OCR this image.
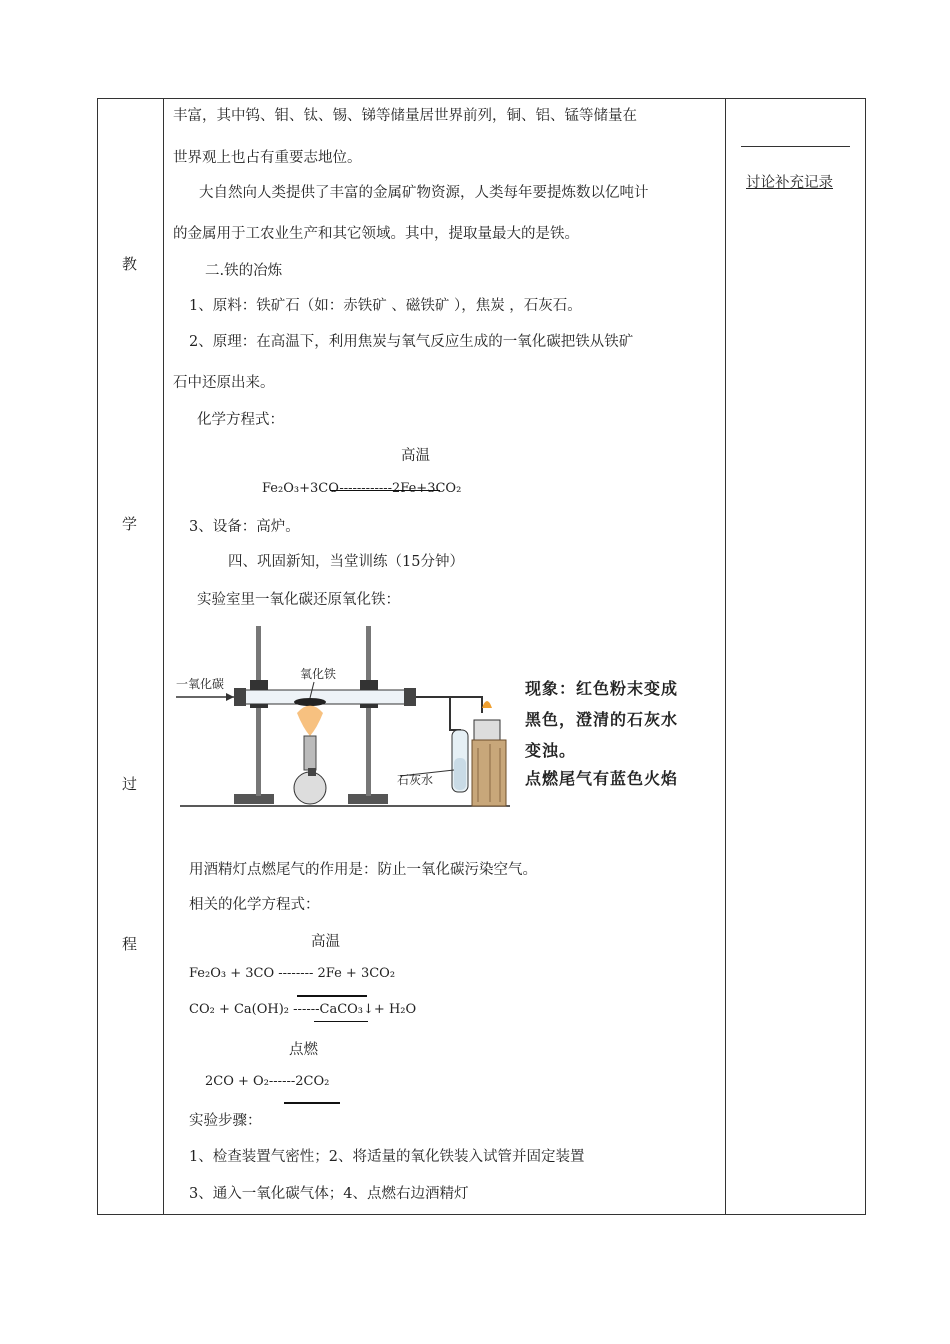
教
学
过
程
讨论补充记录
丰富，其中钨、钼、钛、锡、锑等储量居世界前列，铜、铝、锰等储量在
世界观上也占有重要志地位。
大自然向人类提供了丰富的金属矿物资源，人类每年要提炼数以亿吨计
的金属用于工农业生产和其它领域。其中，提取量最大的是铁。
二.铁的冶炼
1、原料：铁矿石（如：赤铁矿 、磁铁矿 ），焦炭 ，石灰石。
2、原理：在高温下，利用焦炭与氧气反应生成的一氧化碳把铁从铁矿
石中还原出来。
化学方程式：
高温
Fe₂O₃+3CO------------2Fe+3CO₂
3、设备：高炉。
四、巩固新知，当堂训练（15分钟）
实验室里一氧化碳还原氧化铁：
一氧化碳
氧化铁
石灰水
现象：红色粉末变成
黑色，澄清的石灰水
变浊。
点燃尾气有蓝色火焰
用酒精灯点燃尾气的作用是：防止一氧化碳污染空气。
相关的化学方程式：
高温
Fe₂O₃ + 3CO -------- 2Fe + 3CO₂
CO₂ + Ca(OH)₂ ------CaCO₃↓+ H₂O
点燃
2CO + O₂------2CO₂
实验步骤：
1、检查装置气密性；2、将适量的氧化铁装入试管并固定装置
3、通入一氧化碳气体；4、点燃右边酒精灯
